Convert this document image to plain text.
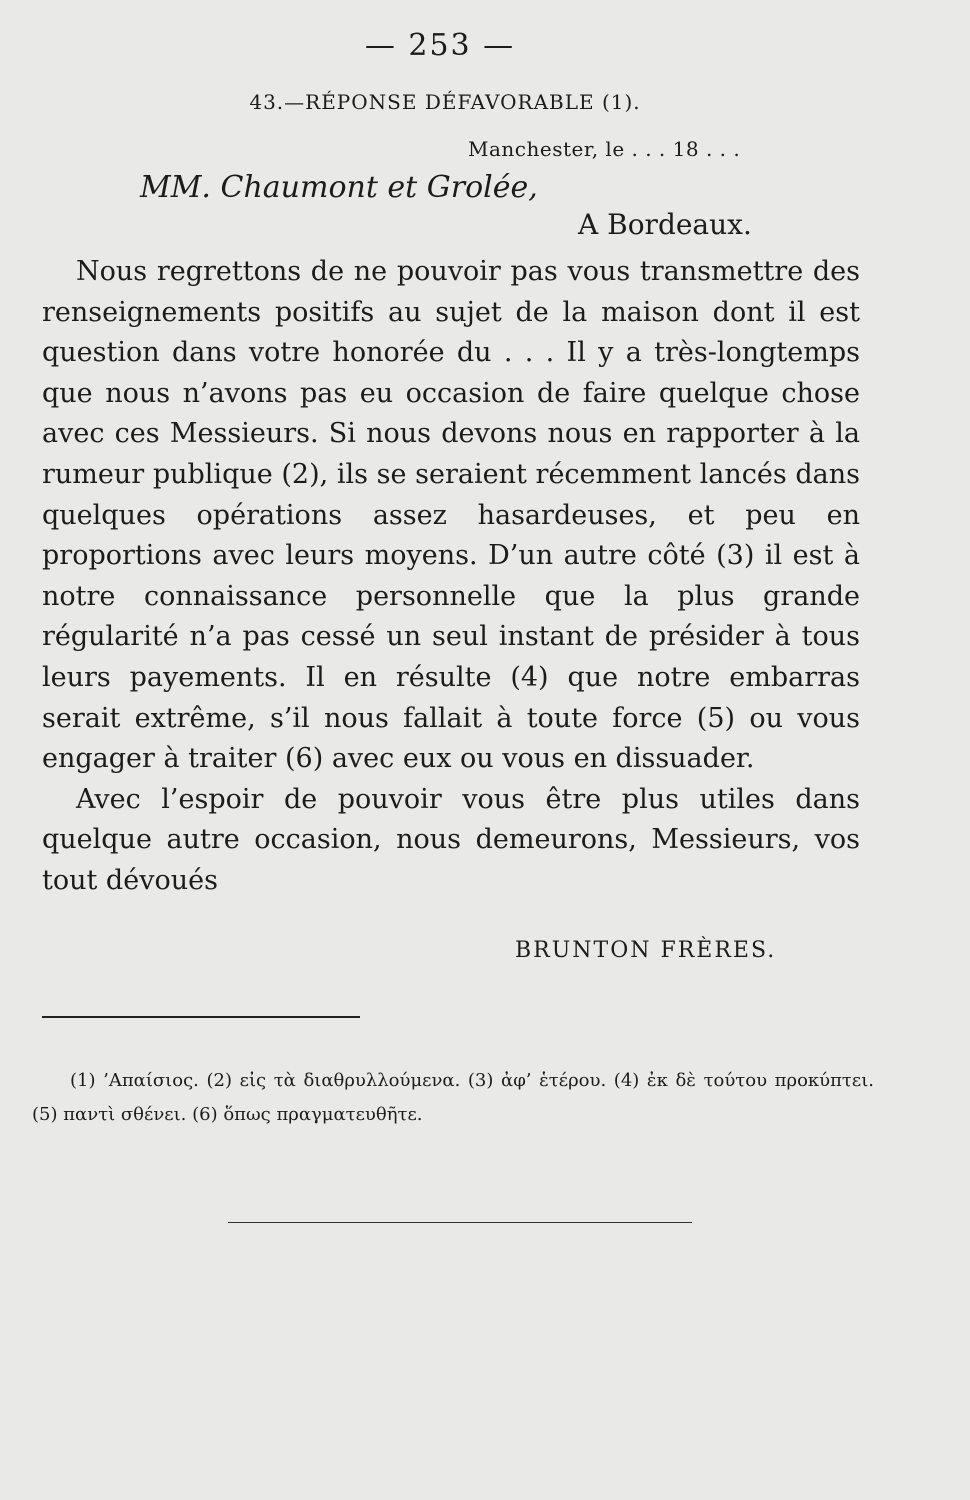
— 253 —
43.—RÉPONSE DÉFAVORABLE (1).
Manchester, le . . . 18 . . .
MM. Chaumont et Grolée,
A Bordeaux.

Nous regrettons de ne pouvoir pas vous transmettre des renseignements positifs au sujet de la maison dont il est question dans votre honorée du . . . Il y a très-longtemps que nous n’avons pas eu occasion de faire quelque chose avec ces Messieurs. Si nous devons nous en rapporter à la rumeur publique (2), ils se seraient récemment lancés dans quelques opérations assez hasardeuses, et peu en proportions avec leurs moyens. D’un autre côté (3) il est à notre connaissance personnelle que la plus grande régularité n’a pas cessé un seul instant de présider à tous leurs payements. Il en résulte (4) que notre embarras serait extrême, s’il nous fallait à toute force (5) ou vous engager à traiter (6) avec eux ou vous en dissuader.

Avec l’espoir de pouvoir vous être plus utiles dans quelque autre occasion, nous demeurons, Messieurs, vos tout dévoués

BRUNTON FRÈRES.
(1) ’Απαίσιος. (2) εἰς τὰ διαθρυλλούμενα. (3) ἀφ’ ἑτέρου. (4) ἐκ δὲ τούτου προκύπτει. (5) παντὶ σθένει. (6) ὅπως πραγματευθῆτε.
